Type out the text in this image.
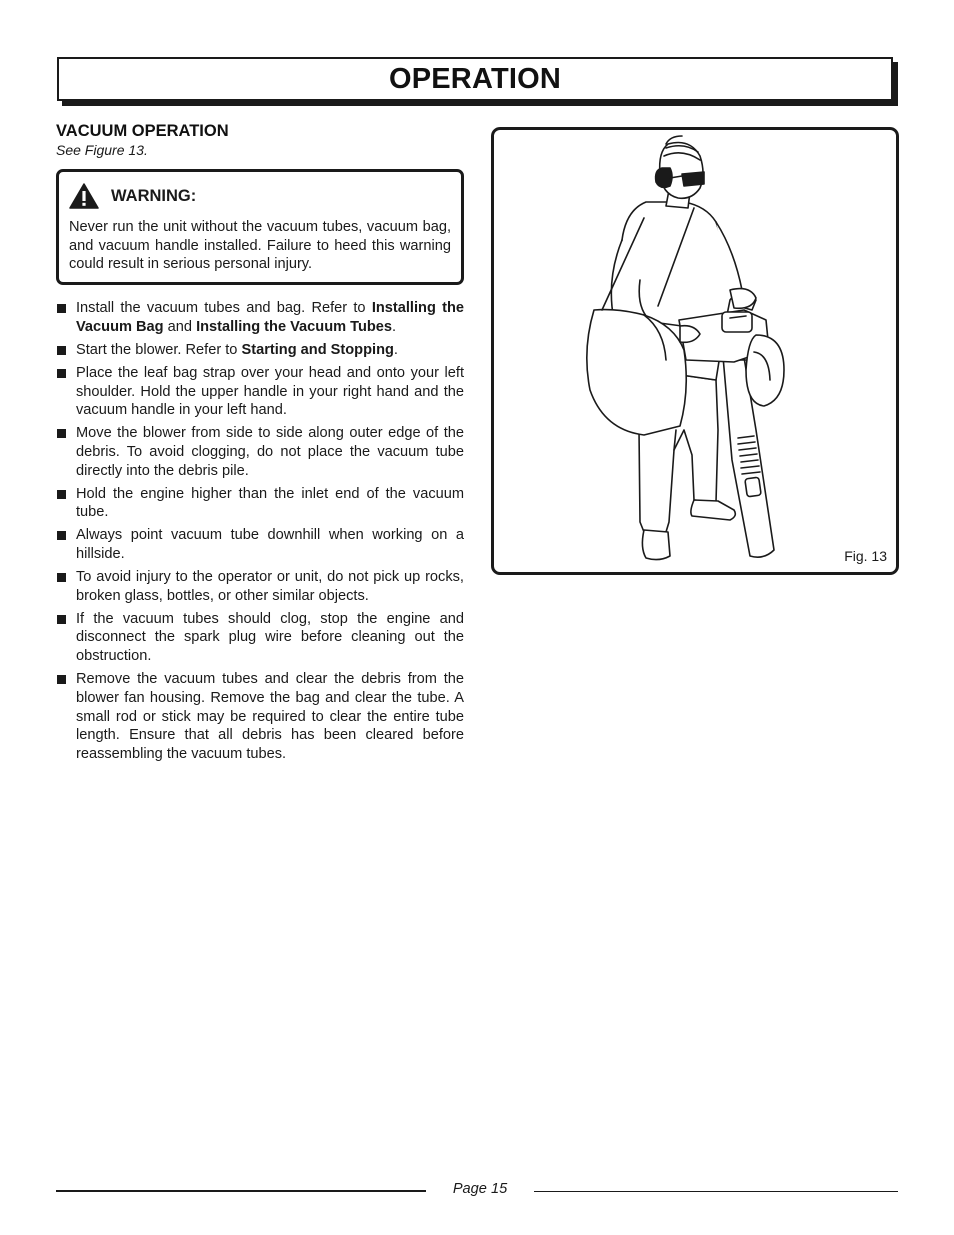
OPERATION
VACUUM OPERATION
See Figure 13.
WARNING:
Never run the unit without the vacuum tubes, vacuum bag, and vacuum handle installed. Failure to heed this warning could result in serious personal injury.
Install the vacuum tubes and bag. Refer to Installing the Vacuum Bag and Installing the Vacuum Tubes.
Start the blower. Refer to Starting and Stopping.
Place the leaf bag strap over your head and onto your left shoulder. Hold the upper handle in your right hand and the vacuum handle in your left hand.
Move the blower from side to side along outer edge of the debris. To avoid clogging, do not place the vacuum tube directly into the debris pile.
Hold the engine higher than the inlet end of the vacuum tube.
Always point vacuum tube downhill when working on a hillside.
To avoid injury to the operator or unit, do not pick up rocks, broken glass, bottles, or other similar objects.
If the vacuum tubes should clog, stop the engine and disconnect the spark plug wire before cleaning out the obstruction.
Remove the vacuum tubes and clear the debris from the blower fan housing. Remove the bag and clear the tube. A small rod or stick may be required to clear the entire tube length. Ensure that all debris has been cleared before reassembling the vacuum tubes.
Fig. 13
Page 15
